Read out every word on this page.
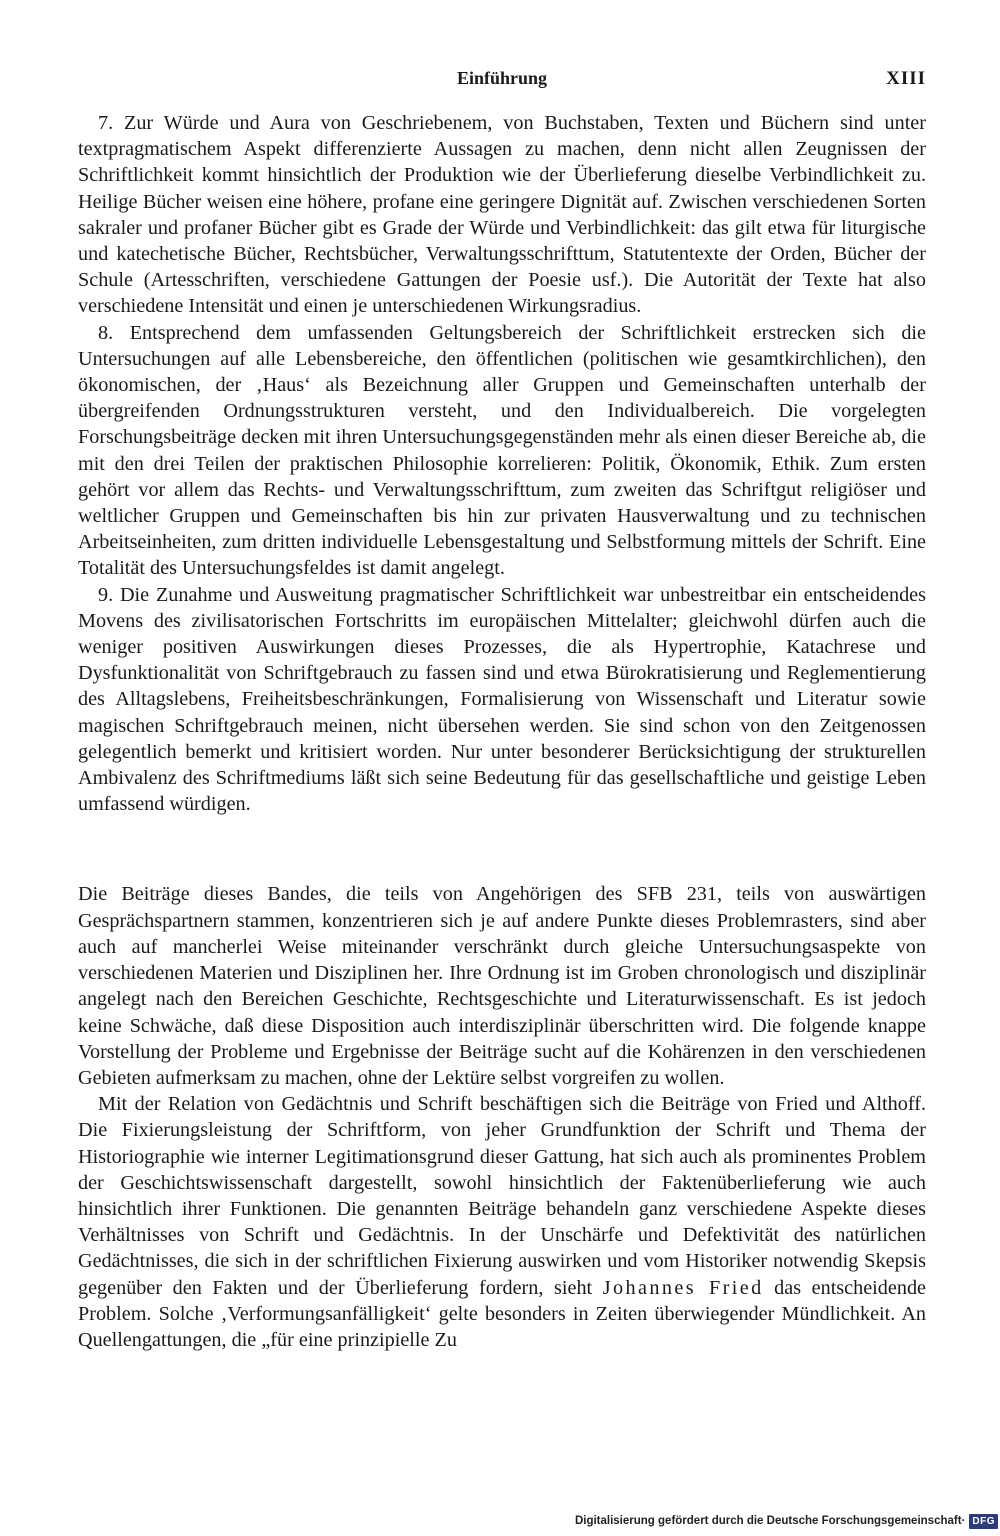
Einführung	XIII

7. Zur Würde und Aura von Geschriebenem, von Buchstaben, Texten und Büchern sind unter textpragmatischem Aspekt differenzierte Aussagen zu machen, denn nicht allen Zeugnissen der Schriftlichkeit kommt hinsichtlich der Produktion wie der Überlieferung dieselbe Verbindlichkeit zu. Heilige Bücher weisen eine höhere, profane eine geringere Dignität auf. Zwischen verschiedenen Sorten sakraler und profaner Bücher gibt es Grade der Würde und Verbindlichkeit: das gilt etwa für liturgische und katechetische Bücher, Rechtsbücher, Verwaltungsschrifttum, Statutentexte der Orden, Bücher der Schule (Artesschriften, verschiedene Gattungen der Poesie usf.). Die Autorität der Texte hat also verschiedene Intensität und einen je unterschiedenen Wirkungsradius.

8. Entsprechend dem umfassenden Geltungsbereich der Schriftlichkeit erstrecken sich die Untersuchungen auf alle Lebensbereiche, den öffentlichen (politischen wie gesamtkirchlichen), den ökonomischen, der ‚Haus‘ als Bezeichnung aller Gruppen und Gemeinschaften unterhalb der übergreifenden Ordnungsstrukturen versteht, und den Individualbereich. Die vorgelegten Forschungsbeiträge decken mit ihren Untersuchungsgegenständen mehr als einen dieser Bereiche ab, die mit den drei Teilen der praktischen Philosophie korrelieren: Politik, Ökonomik, Ethik. Zum ersten gehört vor allem das Rechts- und Verwaltungsschrifttum, zum zweiten das Schriftgut religiöser und weltlicher Gruppen und Gemeinschaften bis hin zur privaten Hausverwaltung und zu technischen Arbeitseinheiten, zum dritten individuelle Lebensgestaltung und Selbstformung mittels der Schrift. Eine Totalität des Untersuchungsfeldes ist damit angelegt.

9. Die Zunahme und Ausweitung pragmatischer Schriftlichkeit war unbestreitbar ein entscheidendes Movens des zivilisatorischen Fortschritts im europäischen Mittelalter; gleichwohl dürfen auch die weniger positiven Auswirkungen dieses Prozesses, die als Hypertrophie, Katachrese und Dysfunktionalität von Schriftgebrauch zu fassen sind und etwa Bürokratisierung und Reglementierung des Alltagslebens, Freiheitsbeschränkungen, Formalisierung von Wissenschaft und Literatur sowie magischen Schriftgebrauch meinen, nicht übersehen werden. Sie sind schon von den Zeitgenossen gelegentlich bemerkt und kritisiert worden. Nur unter besonderer Berücksichtigung der strukturellen Ambivalenz des Schriftmediums läßt sich seine Bedeutung für das gesellschaftliche und geistige Leben umfassend würdigen.

Die Beiträge dieses Bandes, die teils von Angehörigen des SFB 231, teils von auswärtigen Gesprächspartnern stammen, konzentrieren sich je auf andere Punkte dieses Problemrasters, sind aber auch auf mancherlei Weise miteinander verschränkt durch gleiche Untersuchungsaspekte von verschiedenen Materien und Disziplinen her. Ihre Ordnung ist im Groben chronologisch und disziplinär angelegt nach den Bereichen Geschichte, Rechtsgeschichte und Literaturwissenschaft. Es ist jedoch keine Schwäche, daß diese Disposition auch interdisziplinär überschritten wird. Die folgende knappe Vorstellung der Probleme und Ergebnisse der Beiträge sucht auf die Kohärenzen in den verschiedenen Gebieten aufmerksam zu machen, ohne der Lektüre selbst vorgreifen zu wollen.

Mit der Relation von Gedächtnis und Schrift beschäftigen sich die Beiträge von Fried und Althoff. Die Fixierungsleistung der Schriftform, von jeher Grundfunktion der Schrift und Thema der Historiographie wie interner Legitimationsgrund dieser Gattung, hat sich auch als prominentes Problem der Geschichtswissenschaft dargestellt, sowohl hinsichtlich der Faktenüberlieferung wie auch hinsichtlich ihrer Funktionen. Die genannten Beiträge behandeln ganz verschiedene Aspekte dieses Verhältnisses von Schrift und Gedächtnis. In der Unschärfe und Defektivität des natürlichen Gedächtnisses, die sich in der schriftlichen Fixierung auswirken und vom Historiker notwendig Skepsis gegenüber den Fakten und der Überlieferung fordern, sieht Johannes Fried das entscheidende Problem. Solche ‚Verformungsanfälligkeit‘ gelte besonders in Zeiten überwiegender Mündlichkeit. An Quellengattungen, die „für eine prinzipielle Zu

Digitalisierung gefördert durch die Deutsche Forschungsgemeinschaft · DFG
